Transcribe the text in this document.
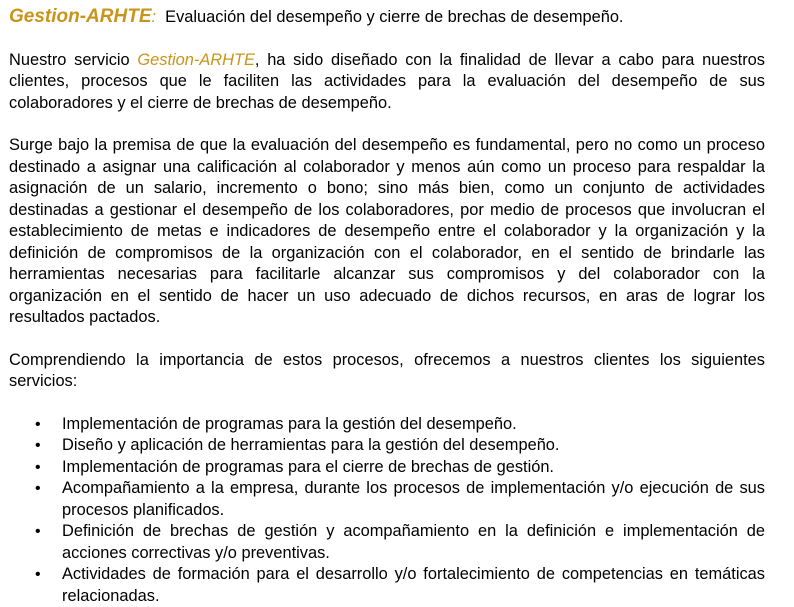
Gestion-ARHTE: Evaluación del desempeño y cierre de brechas de desempeño.

Nuestro servicio Gestion-ARHTE, ha sido diseñado con la finalidad de llevar a cabo para nuestros clientes, procesos que le faciliten las actividades para la evaluación del desempeño de sus colaboradores y el cierre de brechas de desempeño.

Surge bajo la premisa de que la evaluación del desempeño es fundamental, pero no como un proceso destinado a asignar una calificación al colaborador y menos aún como un proceso para respaldar la asignación de un salario, incremento o bono; sino más bien, como un conjunto de actividades destinadas a gestionar el desempeño de los colaboradores, por medio de procesos que involucran el establecimiento de metas e indicadores de desempeño entre el colaborador y la organización y la definición de compromisos de la organización con el colaborador, en el sentido de brindarle las herramientas necesarias para facilitarle alcanzar sus compromisos y del colaborador con la organización en el sentido de hacer un uso adecuado de dichos recursos, en aras de lograr los resultados pactados.

Comprendiendo la importancia de estos procesos, ofrecemos a nuestros clientes los siguientes servicios:

• Implementación de programas para la gestión del desempeño.
• Diseño y aplicación de herramientas para la gestión del desempeño.
• Implementación de programas para el cierre de brechas de gestión.
• Acompañamiento a la empresa, durante los procesos de implementación y/o ejecución de sus procesos planificados.
• Definición de brechas de gestión y acompañamiento en la definición e implementación de acciones correctivas y/o preventivas.
• Actividades de formación para el desarrollo y/o fortalecimiento de competencias en temáticas relacionadas.
